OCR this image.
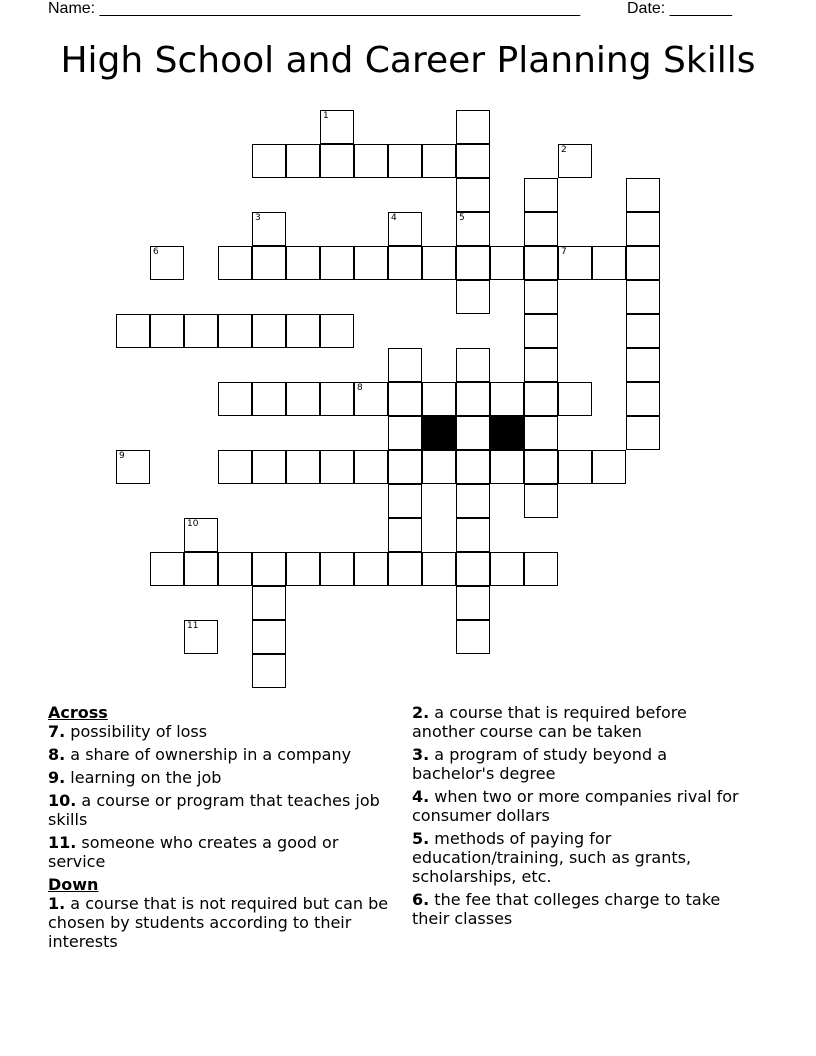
Name: ______________________________________________________	Date: _______
High School and Career Planning Skills
7
8
5
1
2
3	4
6
9
10
11
Across
7. possibility of loss
8. a share of ownership in a company
9. learning on the job
10. a course or program that teaches job skills
11. someone who creates a good or service
Down
1. a course that is not required but can be chosen by students according to their interests
2. a course that is required before another course can be taken
3. a program of study beyond a bachelor's degree
4. when two or more companies rival for consumer dollars
5. methods of paying for education/training, such as grants, scholarships, etc.
6. the fee that colleges charge to take their classes
